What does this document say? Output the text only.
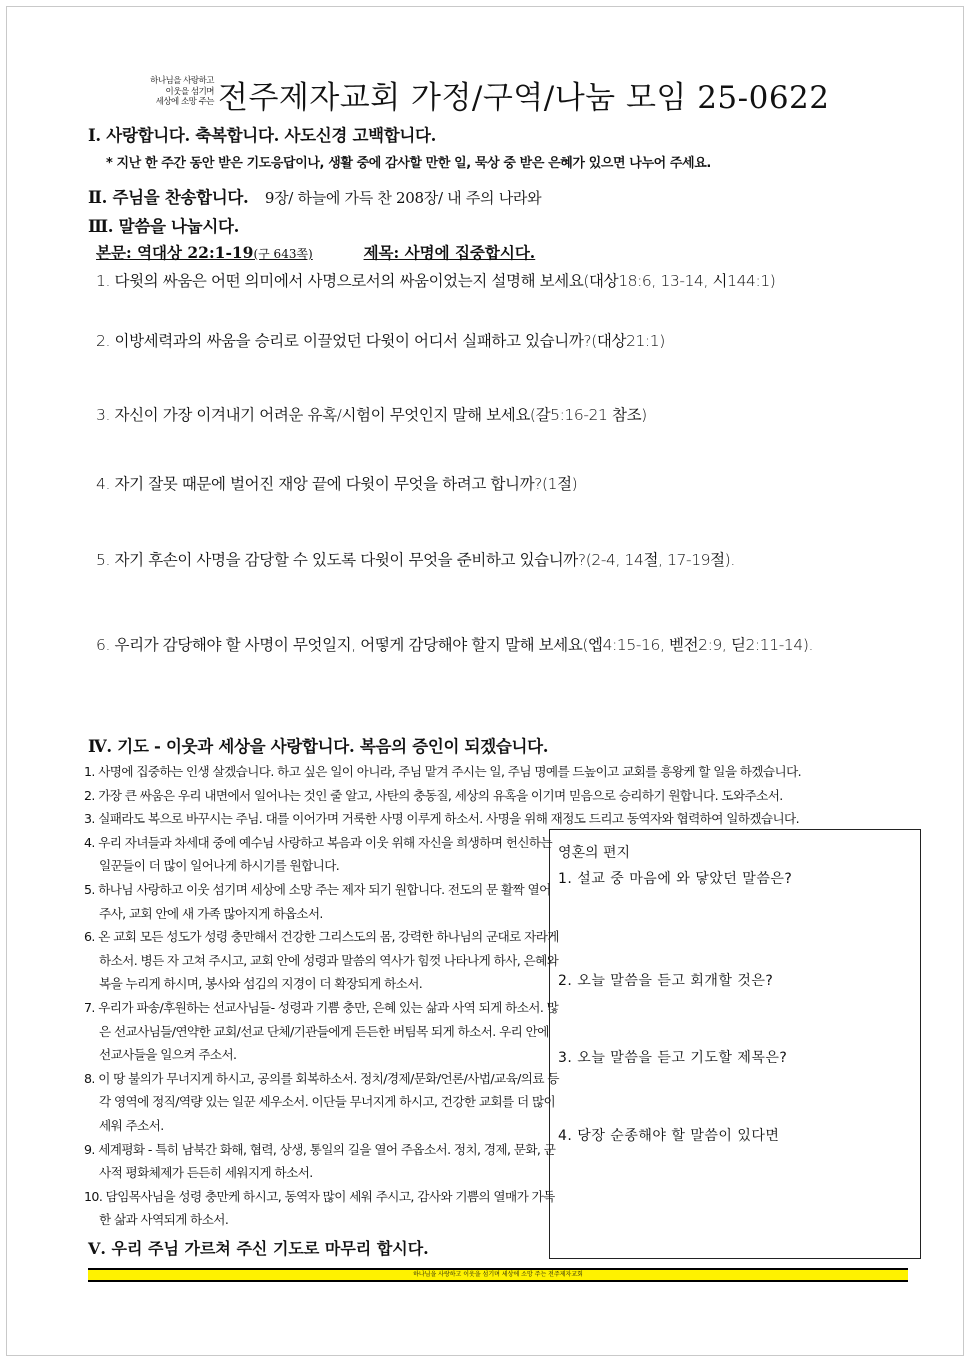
하나님을 사랑하고
이웃을 섬기며
세상에 소망 주는 전주제자교회 가정/구역/나눔 모임 25-0622
Ⅰ. 사랑합니다. 축복합니다. 사도신경 고백합니다.
* 지난 한 주간 동안 받은 기도응답이나, 생활 중에 감사할 만한 일, 묵상 중 받은 은혜가 있으면 나누어 주세요.
Ⅱ. 주님을 찬송합니다. 9장/ 하늘에 가득 찬 208장/ 내 주의 나라와
Ⅲ. 말씀을 나눕시다.
본문: 역대상 22:1-19(구 643쪽)	제목: 사명에 집중합시다.
1. 다윗의 싸움은 어떤 의미에서 사명으로서의 싸움이었는지 설명해 보세요(대상18:6, 13-14, 시144:1)
2. 이방세력과의 싸움을 승리로 이끌었던 다윗이 어디서 실패하고 있습니까?(대상21:1)
3. 자신이 가장 이겨내기 어려운 유혹/시험이 무엇인지 말해 보세요(갈5:16-21 참조)
4. 자기 잘못 때문에 벌어진 재앙 끝에 다윗이 무엇을 하려고 합니까?(1절)
5. 자기 후손이 사명을 감당할 수 있도록 다윗이 무엇을 준비하고 있습니까?(2-4, 14절, 17-19절).
6. 우리가 감당해야 할 사명이 무엇일지, 어떻게 감당해야 할지 말해 보세요(엡4:15-16, 벧전2:9, 딛2:11-14).
Ⅳ. 기도 - 이웃과 세상을 사랑합니다. 복음의 증인이 되겠습니다.
1. 사명에 집중하는 인생 살겠습니다. 하고 싶은 일이 아니라, 주님 맡겨 주시는 일, 주님 명예를 드높이고 교회를 흥왕케 할 일을 하겠습니다.
2. 가장 큰 싸움은 우리 내면에서 일어나는 것인 줄 알고, 사탄의 충동질, 세상의 유혹을 이기며 믿음으로 승리하기 원합니다. 도와주소서.
3. 실패라도 복으로 바꾸시는 주님. 대를 이어가며 거룩한 사명 이루게 하소서. 사명을 위해 재정도 드리고 동역자와 협력하여 일하겠습니다.
4. 우리 자녀들과 차세대 중에 예수님 사랑하고 복음과 이웃 위해 자신을 희생하며 헌신하는 일꾼들이 더 많이 일어나게 하시기를 원합니다.
5. 하나님 사랑하고 이웃 섬기며 세상에 소망 주는 제자 되기 원합니다. 전도의 문 활짝 열어 주사, 교회 안에 새 가족 많아지게 하옵소서.
6. 온 교회 모든 성도가 성령 충만해서 건강한 그리스도의 몸, 강력한 하나님의 군대로 자라게 하소서. 병든 자 고쳐 주시고, 교회 안에 성령과 말씀의 역사가 힘껏 나타나게 하사, 은혜와 복을 누리게 하시며, 봉사와 섬김의 지경이 더 확장되게 하소서.
7. 우리가 파송/후원하는 선교사님들- 성령과 기쁨 충만, 은혜 있는 삶과 사역 되게 하소서. 많은 선교사님들/연약한 교회/선교 단체/기관들에게 든든한 버팀목 되게 하소서. 우리 안에 선교사들을 일으켜 주소서.
8. 이 땅 불의가 무너지게 하시고, 공의를 회복하소서. 정치/경제/문화/언론/사법/교육/의료 등 각 영역에 정직/역량 있는 일꾼 세우소서. 이단들 무너지게 하시고, 건강한 교회를 더 많이 세워 주소서.
9. 세계평화 - 특히 남북간 화해, 협력, 상생, 통일의 길을 열어 주옵소서. 정치, 경제, 문화, 군사적 평화체제가 든든히 세워지게 하소서.
10. 담임목사님을 성령 충만케 하시고, 동역자 많이 세워 주시고, 감사와 기쁨의 열매가 가득한 삶과 사역되게 하소서.
Ⅴ. 우리 주님 가르쳐 주신 기도로 마무리 합시다.
영혼의 편지
1. 설교 중 마음에 와 닿았던 말씀은?
2. 오늘 말씀을 듣고 회개할 것은?
3. 오늘 말씀을 듣고 기도할 제목은?
4. 당장 순종해야 할 말씀이 있다면
하나님을 사랑하고 이웃을 섬기며 세상에 소망 주는 전주제자교회
